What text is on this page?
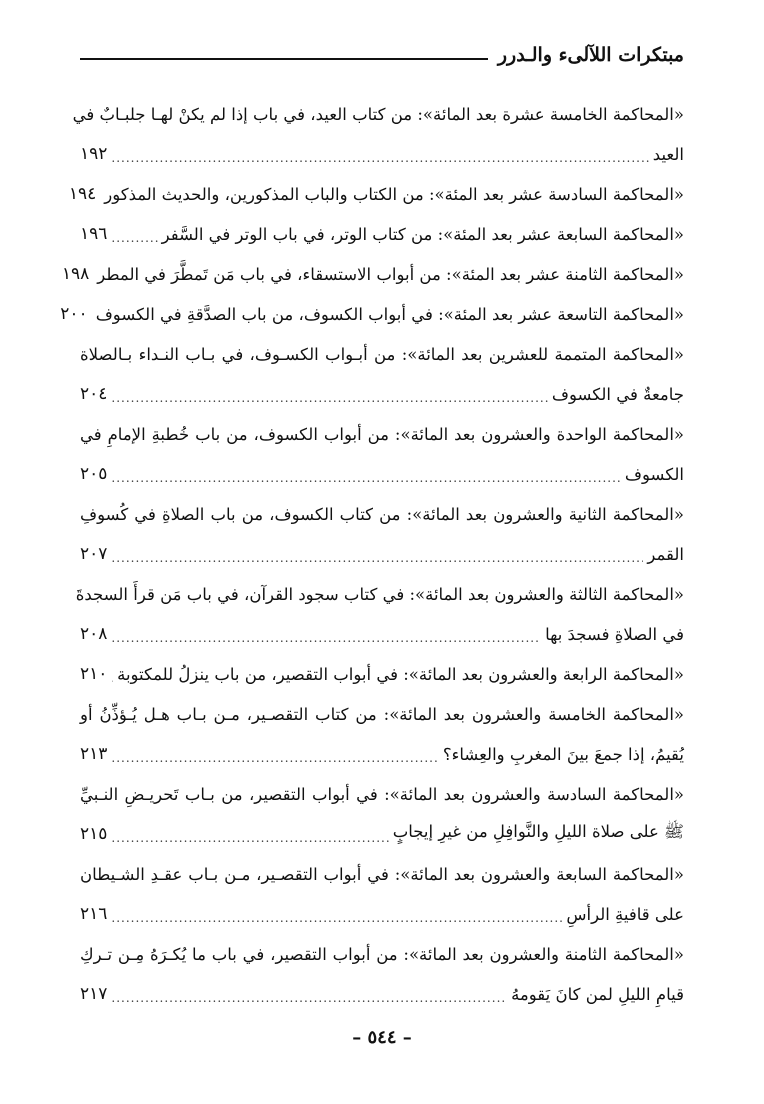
مبتكرات اللآلىء والـدرر
«المحاكمة الخامسة عشرة بعد المائة»: من كتاب العيد، في باب إذا لم يكنْ لهـا جلبـابٌ في
العيد
.....
١٩٢
«المحاكمة السادسة عشر بعد المئة»: من الكتاب والباب المذكورين، والحديث المذكور
١٩٤
«المحاكمة السابعة عشر بعد المئة»: من كتاب الوتر، في باب الوتر في السَّفر
.....
١٩٦
«المحاكمة الثامنة عشر بعد المئة»: من أبواب الاستسقاء، في باب مَن تَمطَّرَ في المطر
١٩٨
«المحاكمة التاسعة عشر بعد المئة»: في أبواب الكسوف، من باب الصدَّقةِ في الكسوف
٢٠٠
«المحاكمة المتممة للعشرين بعد المائة»: من أبـواب الكسـوف، في بـاب النـداء بـالصلاة
جامعةٌ في الكسوف
.....
٢٠٤
«المحاكمة الواحدة والعشرون بعد المائة»: من أبواب الكسوف، من باب خُطبةِ الإمامِ في
الكسوف
.....
٢٠٥
«المحاكمة الثانية والعشرون بعد المائة»: من كتاب الكسوف، من باب الصلاةِ في كُسوفِ
القمر
.....
٢٠٧
«المحاكمة الثالثة والعشرون بعد المائة»: في كتاب سجود القرآن، في باب مَن قرأَ السجدةَ
في الصلاةِ فسجدَ بها
.....
٢٠٨
«المحاكمة الرابعة والعشرون بعد المائة»: في أبواب التقصير، من باب ينزلُ للمكتوبة
.....
٢١٠
«المحاكمة الخامسة والعشرون بعد المائة»: من كتاب التقصـير، مـن بـاب هـل يُـؤذِّنُ أو
يُقيمُ، إذا جمعَ بينَ المغربِ والعِشاء؟
.....
٢١٣
«المحاكمة السادسة والعشرون بعد المائة»: في أبواب التقصير، من بـاب تَحريـضِ النـبيِّ
ﷺ على صلاة الليلِ والنَّوافِلِ من غيرِ إيجابٍ
.....
٢١٥
«المحاكمة السابعة والعشرون بعد المائة»: في أبواب التقصـير، مـن بـاب عقـدِ الشـيطان
على قافيةِ الرأسِ
.....
٢١٦
«المحاكمة الثامنة والعشرون بعد المائة»: من أبواب التقصير، في باب ما يُكـرَهُ مِـن تـركِ
قيامِ الليلِ لمن كانَ يَقومهُ
.....
٢١٧
– ٥٤٤ –
